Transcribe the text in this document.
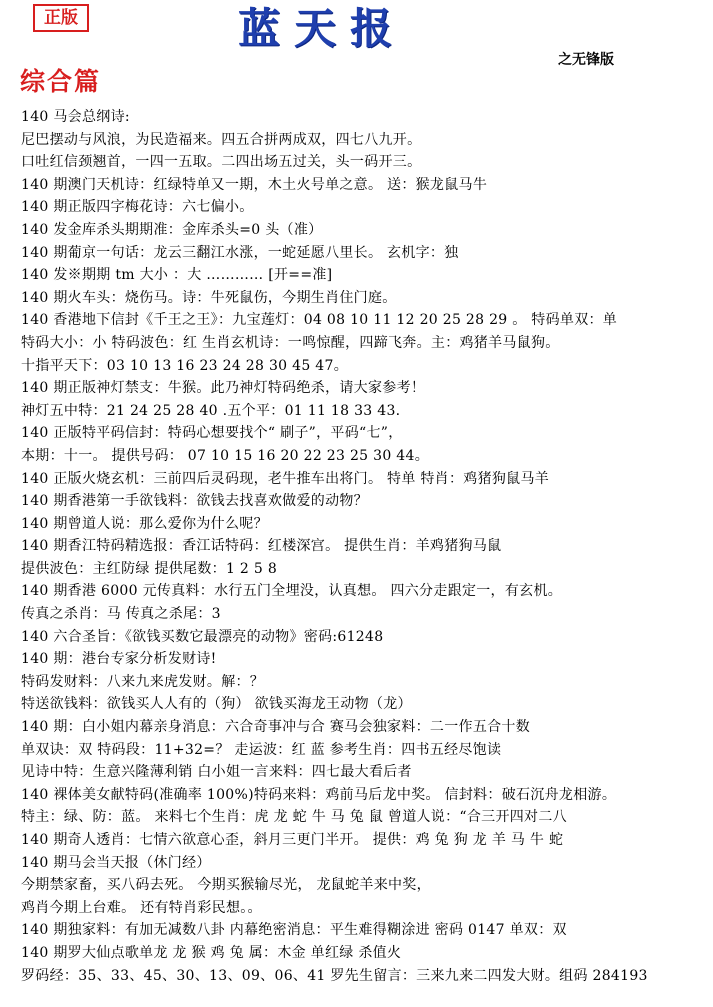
正版	蓝天报
之无锋版
综合篇
140 马会总纲诗:
尼巴摆动与风浪，为民造福来。四五合拼两成双，四七八九开。
口吐红信颈翘首，一四一五取。二四出场五过关，头一码开三。
140 期澳门天机诗：红绿特单又一期，木土火号单之意。 送：猴龙鼠马牛
140 期正版四字梅花诗：六七偏小。
140 发金库杀头期期准：金库杀头=0 头（准）
140 期葡京一句话：龙云三翻江水涨，一蛇延愿八里长。 玄机字：独
140 发※期期 tm 大小 ：大 ………… [开==准]
140 期火车头：烧伤马。诗：牛死鼠伤，今期生肖住门庭。
140 香港地下信封《千王之王》：九宝莲灯：04 08 10 11 12 20 25 28 29 。 特码单双：单
特码大小：小 特码波色：红 生肖玄机诗：一鸣惊醒，四蹄飞奔。主：鸡猪羊马鼠狗。
十指平天下：03 10 13 16 23 24 28 30 45 47。
140 期正版神灯禁支：牛猴。此乃神灯特码绝杀，请大家参考！
神灯五中特：21 24 25 28 40 .五个平：01 11 18 33 43.
140 正版特平码信封：特码心想要找个“ 刷子”，平码“七”，
本期：十一。 提供号码： 07 10 15 16 20 22 23 25 30 44。
140 正版火烧玄机：三前四后灵码现，老牛推车出将门。 特单 特肖：鸡猪狗鼠马羊
140 期香港第一手欲钱料：欲钱去找喜欢做爱的动物？
140 期曾道人说：那么爱你为什么呢？
140 期香江特码精选报：香江话特码：红楼深宫。 提供生肖：羊鸡猪狗马鼠
提供波色：主红防绿 提供尾数：1 2 5 8
140 期香港 6000 元传真料：水行五门全埋没，认真想。 四六分走跟定一，有玄机。
传真之杀肖：马 传真之杀尾：3
140 六合圣旨：《欲钱买数它最漂亮的动物》密码:61248
140 期：港台专家分析发财诗!
特码发财料：八来九来虎发财。解：？
特送欲钱料：欲钱买人人有的（狗） 欲钱买海龙王动物（龙）
140 期：白小姐内幕亲身消息：六合奇事冲与合 赛马会独家料：二一作五合十数
单双诀：双 特码段：11+32=？ 走运波：红 蓝 参考生肖：四书五经尽饱读
见诗中特：生意兴隆薄利销 白小姐一言来料：四七最大看后者
140 裸体美女献特码(准确率 100%)特码来料：鸡前马后龙中奖。 信封料：破石沉舟龙相游。
特主：绿、防：蓝。 来料七个生肖：虎 龙 蛇 牛 马 兔 鼠 曾道人说：“合三开四对二八
140 期奇人透肖：七情六欲意心歪，斜月三更门半开。 提供：鸡 兔 狗 龙 羊 马 牛 蛇
140 期马会当天报（休门经）
今期禁家畜，买八码去死。 今期买猴输尽光， 龙鼠蛇羊来中奖，
鸡肖今期上台难。 还有特肖彩民想。。
140 期独家料：有加无减数八卦 内幕绝密消息：平生难得糊涂进 密码 0147 单双：双
140 期罗大仙点歌单龙 龙 猴 鸡 兔 属：木金 单红绿 杀值火
罗码经：35、33、45、30、13、09、06、41 罗先生留言：三来九来二四发大财。组码 284193
